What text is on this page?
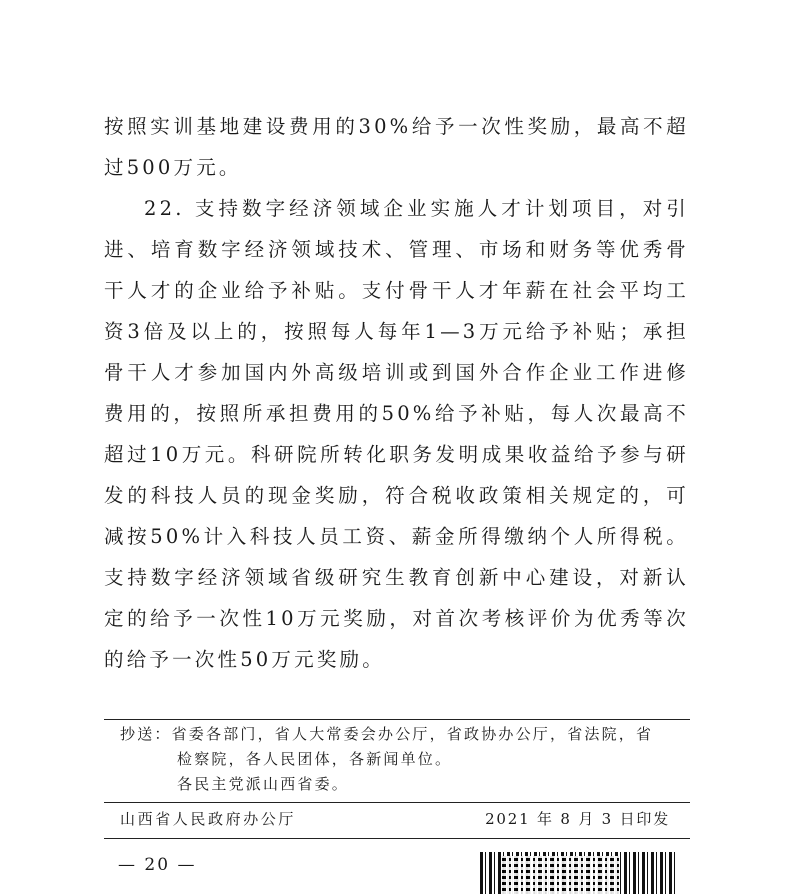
按照实训基地建设费用的30%给予一次性奖励，最高不超过500万元。

22. 支持数字经济领域企业实施人才计划项目，对引进、培育数字经济领域技术、管理、市场和财务等优秀骨干人才的企业给予补贴。支付骨干人才年薪在社会平均工资3倍及以上的，按照每人每年1—3万元给予补贴；承担骨干人才参加国内外高级培训或到国外合作企业工作进修费用的，按照所承担费用的50%给予补贴，每人次最高不超过10万元。科研院所转化职务发明成果收益给予参与研发的科技人员的现金奖励，符合税收政策相关规定的，可减按50%计入科技人员工资、薪金所得缴纳个人所得税。支持数字经济领域省级研究生教育创新中心建设，对新认定的给予一次性10万元奖励，对首次考核评价为优秀等次的给予一次性50万元奖励。

抄送：省委各部门，省人大常委会办公厅，省政协办公厅，省法院，省
检察院，各人民团体，各新闻单位。
各民主党派山西省委。
山西省人民政府办公厅	2021 年 8 月 3 日印发
— 20 —
